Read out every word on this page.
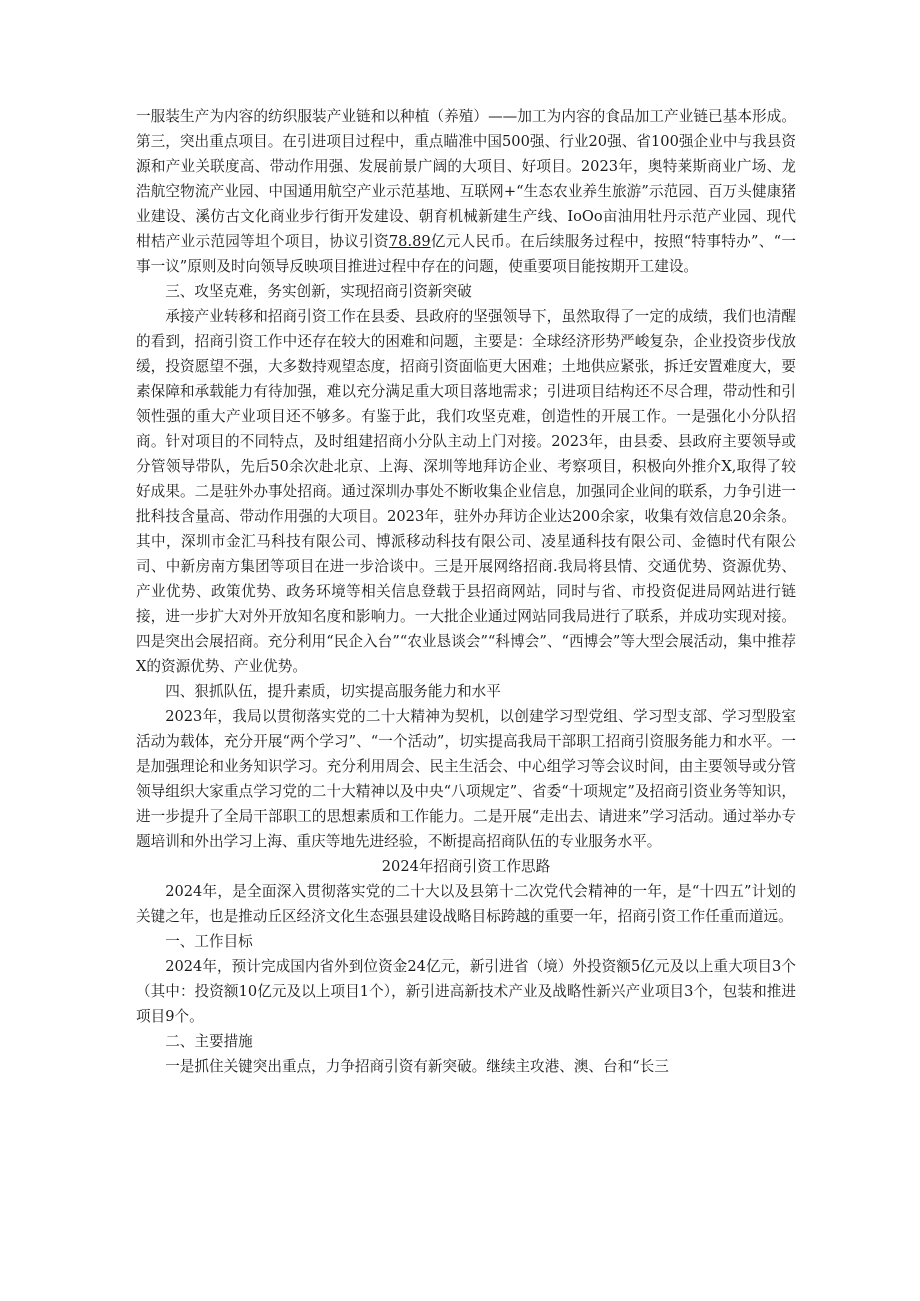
一服装生产为内容的纺织服装产业链和以种植（养殖）——加工为内容的食品加工产业链已基本形成。第三，突出重点项目。在引进项目过程中，重点瞄准中国500强、行业20强、省100强企业中与我县资源和产业关联度高、带动作用强、发展前景广阔的大项目、好项目。2023年，奥特莱斯商业广场、龙浩航空物流产业园、中国通用航空产业示范基地、互联网+“生态农业养生旅游”示范园、百万头健康猪业建设、溪仿古文化商业步行街开发建设、朝育机械新建生产线、IoOo亩油用牡丹示范产业园、现代柑桔产业示范园等坦个项目，协议引资78.89亿元人民币。在后续服务过程中，按照“特事特办”、“一事一议”原则及时向领导反映项目推进过程中存在的问题，使重要项目能按期开工建设。

三、攻坚克难，务实创新，实现招商引资新突破

承接产业转移和招商引资工作在县委、县政府的坚强领导下，虽然取得了一定的成绩，我们也清醒的看到，招商引资工作中还存在较大的困难和问题，主要是：全球经济形势严峻复杂，企业投资步伐放缓，投资愿望不强，大多数持观望态度，招商引资面临更大困难；土地供应紧张，拆迁安置难度大，要素保障和承载能力有待加强，难以充分满足重大项目落地需求；引进项目结构还不尽合理，带动性和引领性强的重大产业项目还不够多。有鉴于此，我们攻坚克难，创造性的开展工作。一是强化小分队招商。针对项目的不同特点，及时组建招商小分队主动上门对接。2023年，由县委、县政府主要领导或分管领导带队，先后50余次赴北京、上海、深圳等地拜访企业、考察项目，积极向外推介X,取得了较好成果。二是驻外办事处招商。通过深圳办事处不断收集企业信息，加强同企业间的联系，力争引进一批科技含量高、带动作用强的大项目。2023年，驻外办拜访企业达200余家，收集有效信息20余条。其中，深圳市金汇马科技有限公司、博派移动科技有限公司、凌星通科技有限公司、金德时代有限公司、中新房南方集团等项目在进一步洽谈中。三是开展网络招商.我局将县情、交通优势、资源优势、产业优势、政策优势、政务环境等相关信息登载于县招商网站，同时与省、市投资促进局网站进行链接，进一步扩大对外开放知名度和影响力。一大批企业通过网站同我局进行了联系，并成功实现对接。四是突出会展招商。充分利用“民企入台”“农业恳谈会”“科博会”、“西博会”等大型会展活动，集中推荐X的资源优势、产业优势。

四、狠抓队伍，提升素质，切实提高服务能力和水平

2023年，我局以贯彻落实党的二十大精神为契机，以创建学习型党组、学习型支部、学习型股室活动为载体，充分开展“两个学习”、“一个活动”，切实提高我局干部职工招商引资服务能力和水平。一是加强理论和业务知识学习。充分利用周会、民主生活会、中心组学习等会议时间，由主要领导或分管领导组织大家重点学习党的二十大精神以及中央“八项规定”、省委“十项规定”及招商引资业务等知识，进一步提升了全局干部职工的思想素质和工作能力。二是开展“走出去、请进来”学习活动。通过举办专题培训和外出学习上海、重庆等地先进经验，不断提高招商队伍的专业服务水平。

2024年招商引资工作思路

2024年，是全面深入贯彻落实党的二十大以及县第十二次党代会精神的一年，是“十四五”计划的关键之年，也是推动丘区经济文化生态强县建设战略目标跨越的重要一年，招商引资工作任重而道远。

一、工作目标

2024年，预计完成国内省外到位资金24亿元，新引进省（境）外投资额5亿元及以上重大项目3个（其中：投资额10亿元及以上项目1个），新引进高新技术产业及战略性新兴产业项目3个，包装和推进项目9个。

二、主要措施

一是抓住关键突出重点，力争招商引资有新突破。继续主攻港、澳、台和“长三
